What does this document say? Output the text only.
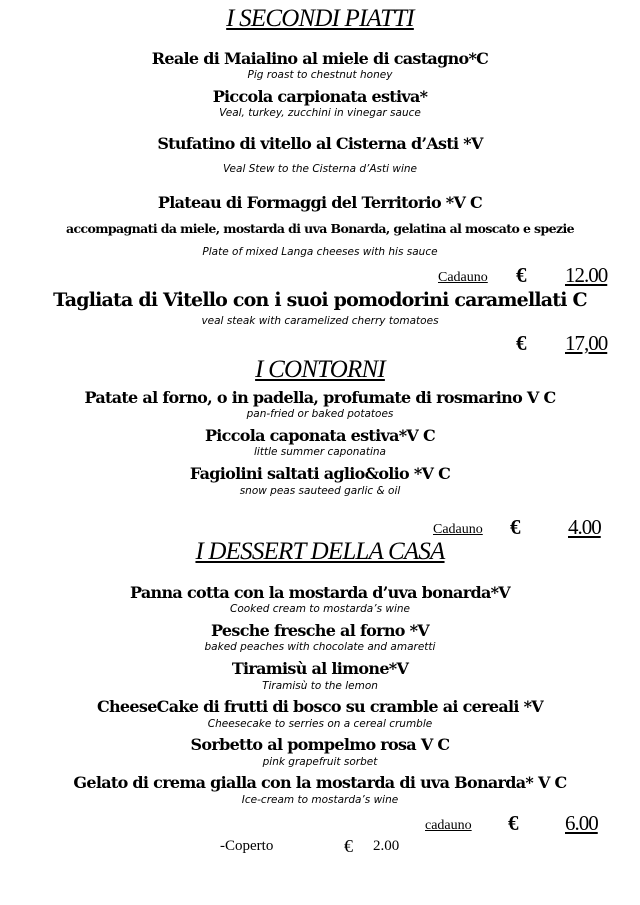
I SECONDI PIATTI
Reale di Maialino al miele di castagno*C
Pig roast to chestnut honey
Piccola carpionata estiva*
Veal, turkey, zucchini in vinegar sauce
Stufatino di vitello al Cisterna d’Asti *V
Veal Stew to the Cisterna d’Asti wine
Plateau di Formaggi del Territorio *V C
accompagnati da miele, mostarda di uva Bonarda, gelatina al moscato e spezie
Plate of mixed Langa cheeses with his sauce
Cadauno € 12.00
Tagliata di Vitello con i suoi pomodorini caramellati C
veal steak with caramelized cherry tomatoes
€ 17,00
I CONTORNI
Patate al forno, o in padella, profumate di rosmarino V C
pan-fried or baked potatoes
Piccola caponata estiva*V C
little summer caponatina
Fagiolini saltati aglio&olio *V C
snow peas sauteed garlic & oil
Cadauno € 4.00
I DESSERT DELLA CASA
Panna cotta con la mostarda d’uva bonarda*V
Cooked cream to mostarda’s wine
Pesche fresche al forno *V
baked peaches with chocolate and amaretti
Tiramisù al limone*V
Tiramisù to the lemon
CheeseCake di frutti di bosco su cramble ai cereali *V
Cheesecake to serries on a cereal crumble
Sorbetto al pompelmo rosa V C
pink grapefruit sorbet
Gelato di crema gialla con la mostarda di uva Bonarda* V C
Ice-cream to mostarda’s wine
cadauno € 6.00
-Coperto	€ 2.00
